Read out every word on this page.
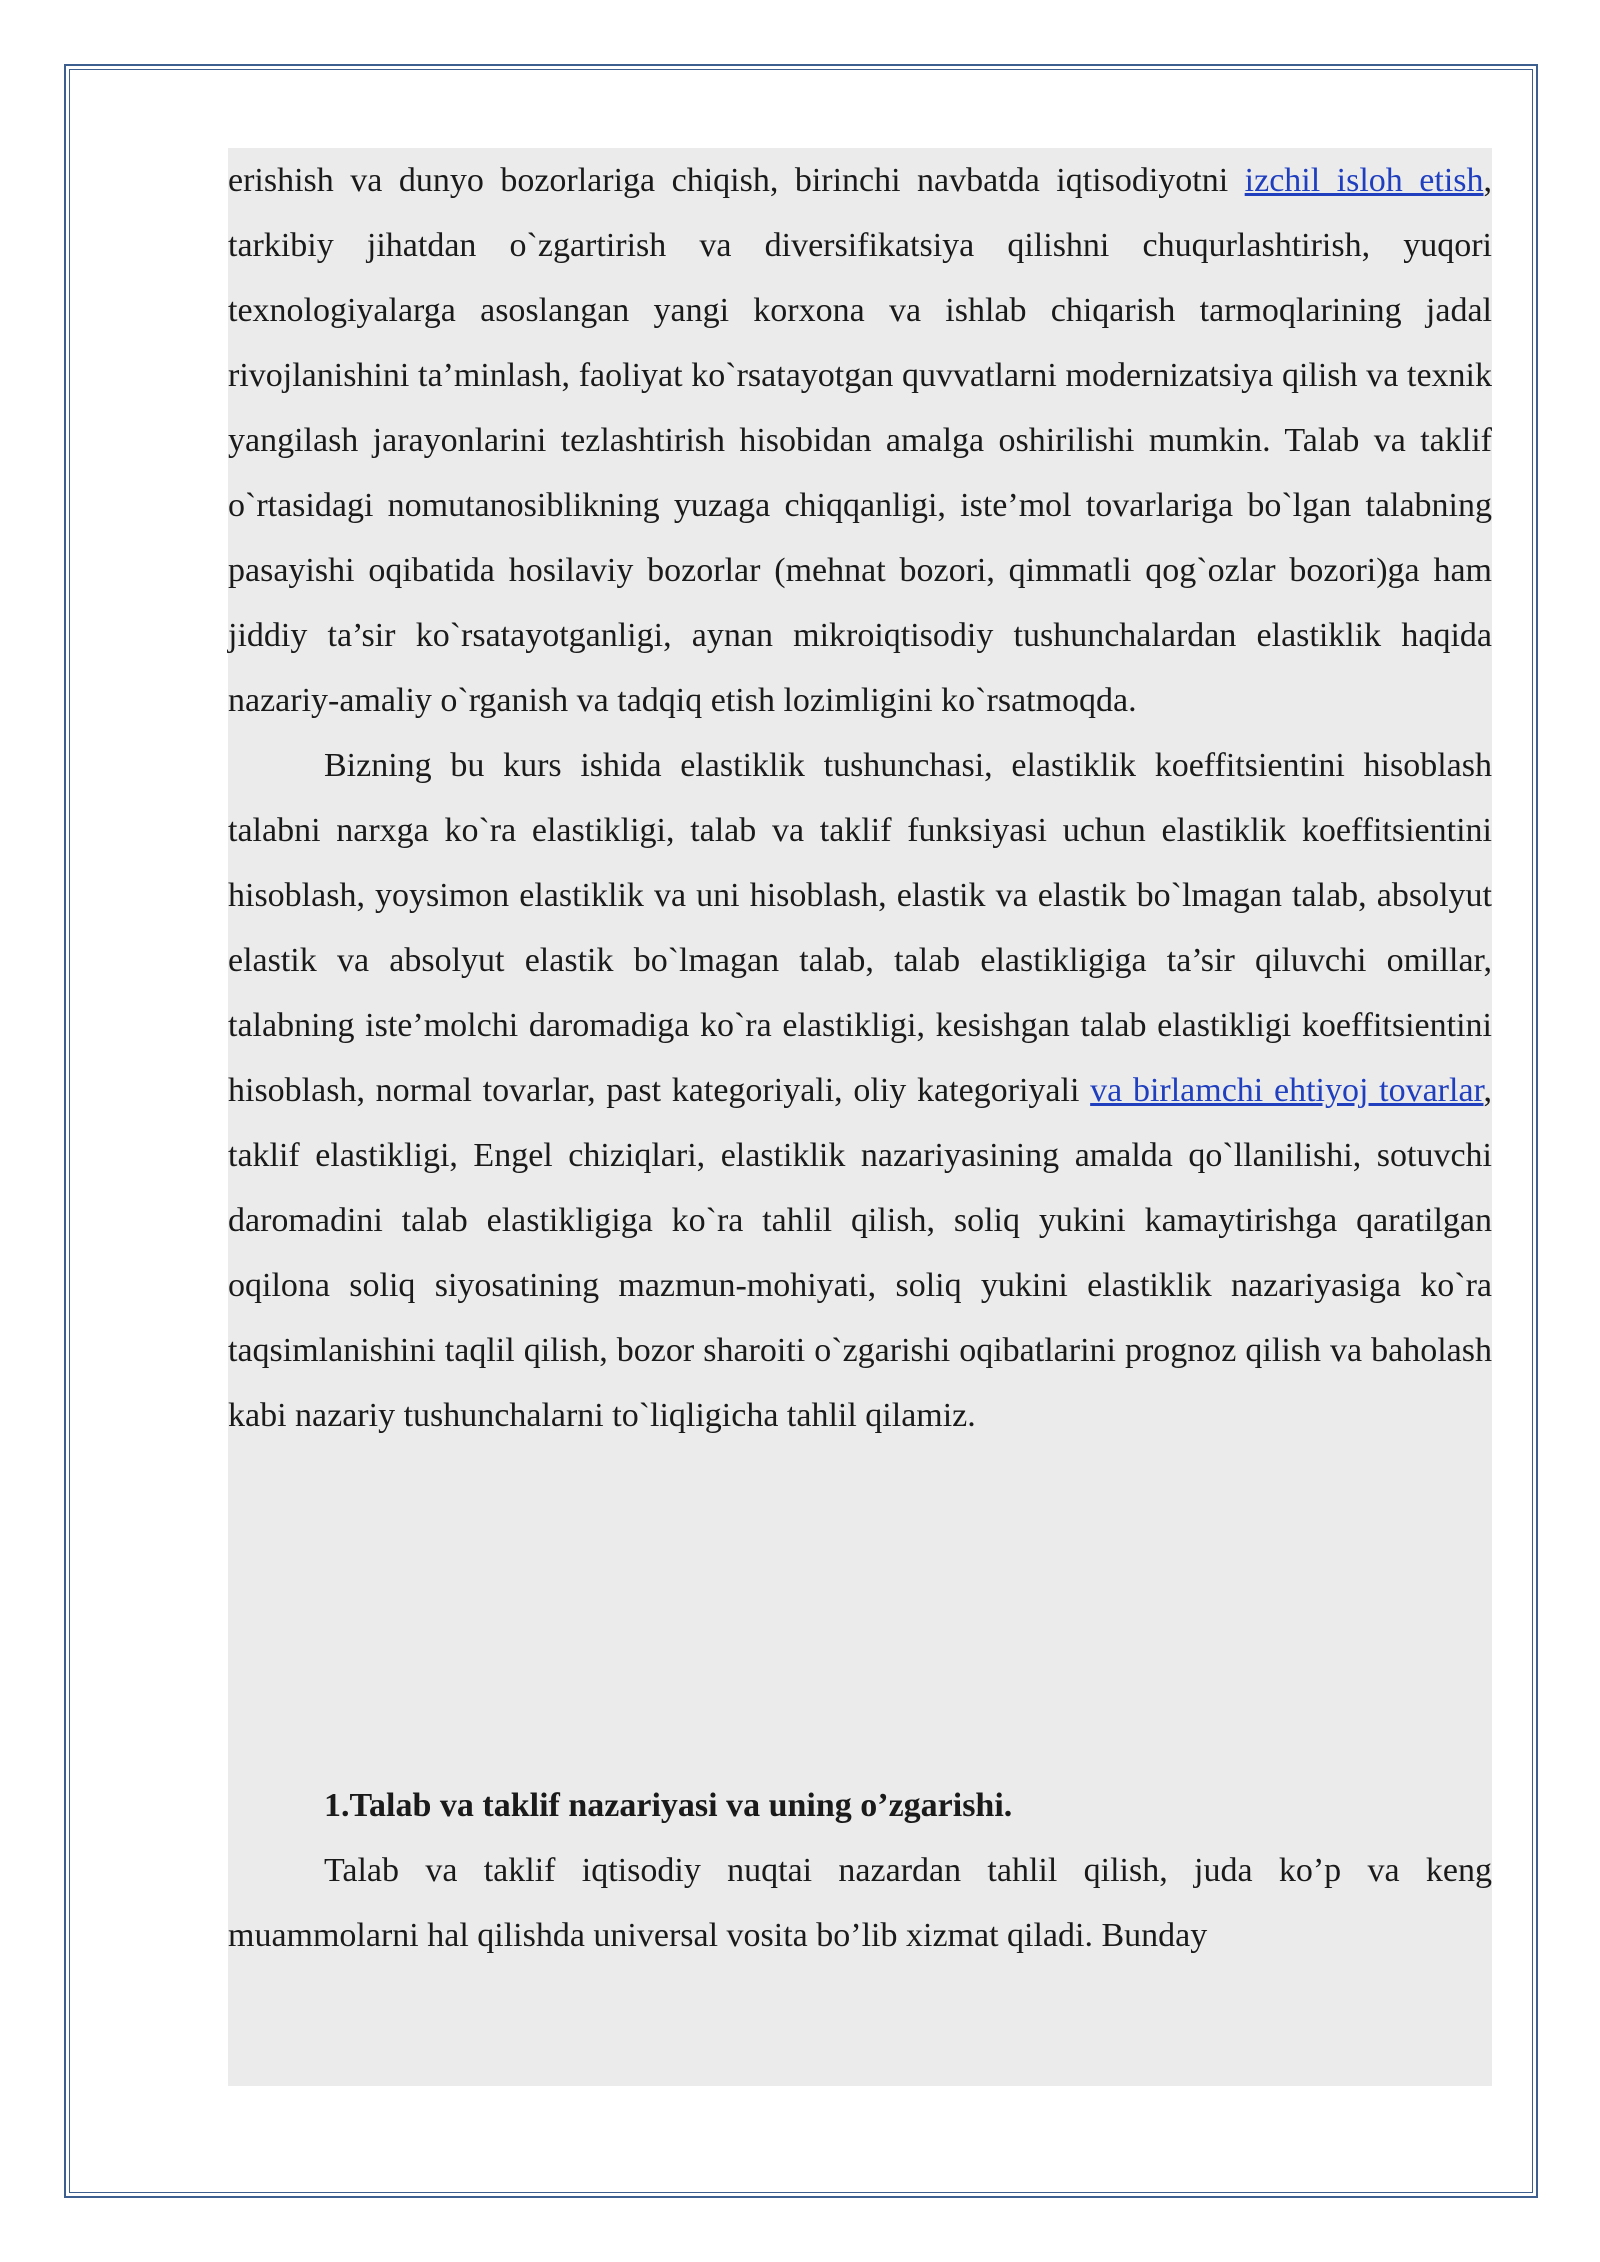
erishish va dunyo bozorlariga chiqish, birinchi navbatda iqtisodiyotni izchil isloh etish, tarkibiy jihatdan o`zgartirish va diversifikatsiya qilishni chuqurlashtirish, yuqori texnologiyalarga asoslangan yangi korxona va ishlab chiqarish tarmoqlarining jadal rivojlanishini ta’minlash, faoliyat ko`rsatayotgan quvvatlarni modernizatsiya qilish va texnik yangilash jarayonlarini tezlashtirish hisobidan amalga oshirilishi mumkin. Talab va taklif o`rtasidagi nomutanosiblikning yuzaga chiqqanligi, iste’mol tovarlariga bo`lgan talabning pasayishi oqibatida hosilaviy bozorlar (mehnat bozori, qimmatli qog`ozlar bozori)ga ham jiddiy ta’sir ko`rsatayotganligi, aynan mikroiqtisodiy tushunchalardan elastiklik haqida nazariy-amaliy o`rganish va tadqiq etish lozimligini ko`rsatmoqda.

Bizning bu kurs ishida elastiklik tushunchasi, elastiklik koeffitsientini hisoblash talabni narxga ko`ra elastikligi, talab va taklif funksiyasi uchun elastiklik koeffitsientini hisoblash, yoysimon elastiklik va uni hisoblash, elastik va elastik bo`lmagan talab, absolyut elastik va absolyut elastik bo`lmagan talab, talab elastikligiga ta’sir qiluvchi omillar, talabning iste’molchi daromadiga ko`ra elastikligi, kesishgan talab elastikligi koeffitsientini hisoblash, normal tovarlar, past kategoriyali, oliy kategoriyali va birlamchi ehtiyoj tovarlar, taklif elastikligi, Engel chiziqlari, elastiklik nazariyasining amalda qo`llanilishi, sotuvchi daromadini talab elastikligiga ko`ra tahlil qilish, soliq yukini kamaytirishga qaratilgan oqilona soliq siyosatining mazmun-mohiyati, soliq yukini elastiklik nazariyasiga ko`ra taqsimlanishini taqlil qilish, bozor sharoiti o`zgarishi oqibatlarini prognoz qilish va baholash kabi nazariy tushunchalarni to`liqligicha tahlil qilamiz.

1.Talab va taklif nazariyasi va uning o’zgarishi.

Talab va taklif iqtisodiy nuqtai nazardan tahlil qilish, juda ko’p va keng muammolarni hal qilishda universal vosita bo’lib xizmat qiladi. Bunday
